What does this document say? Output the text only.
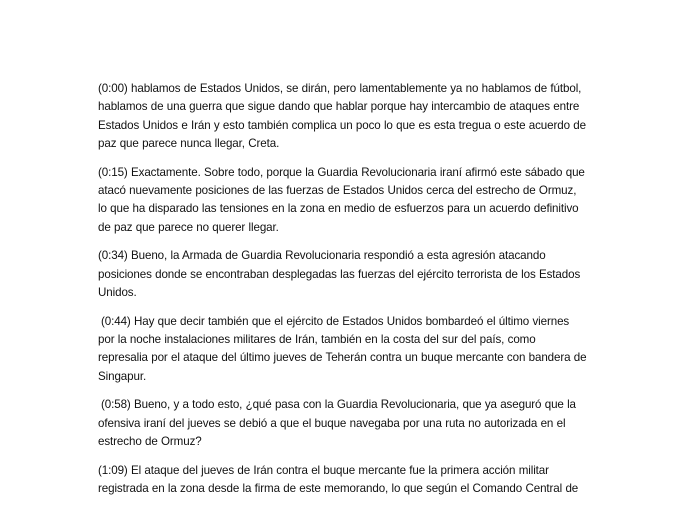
(0:00) hablamos de Estados Unidos, se dirán, pero lamentablemente ya no hablamos de fútbol, hablamos de una guerra que sigue dando que hablar porque hay intercambio de ataques entre Estados Unidos e Irán y esto también complica un poco lo que es esta tregua o este acuerdo de paz que parece nunca llegar, Creta.

(0:15) Exactamente. Sobre todo, porque la Guardia Revolucionaria iraní afirmó este sábado que atacó nuevamente posiciones de las fuerzas de Estados Unidos cerca del estrecho de Ormuz, lo que ha disparado las tensiones en la zona en medio de esfuerzos para un acuerdo definitivo de paz que parece no querer llegar.

(0:34) Bueno, la Armada de Guardia Revolucionaria respondió a esta agresión atacando posiciones donde se encontraban desplegadas las fuerzas del ejército terrorista de los Estados Unidos.

(0:44) Hay que decir también que el ejército de Estados Unidos bombardeó el último viernes por la noche instalaciones militares de Irán, también en la costa del sur del país, como represalia por el ataque del último jueves de Teherán contra un buque mercante con bandera de Singapur.

(0:58) Bueno, y a todo esto, ¿qué pasa con la Guardia Revolucionaria, que ya aseguró que la ofensiva iraní del jueves se debió a que el buque navegaba por una ruta no autorizada en el estrecho de Ormuz?

(1:09) El ataque del jueves de Irán contra el buque mercante fue la primera acción militar registrada en la zona desde la firma de este memorando, lo que según el Comando Central de
